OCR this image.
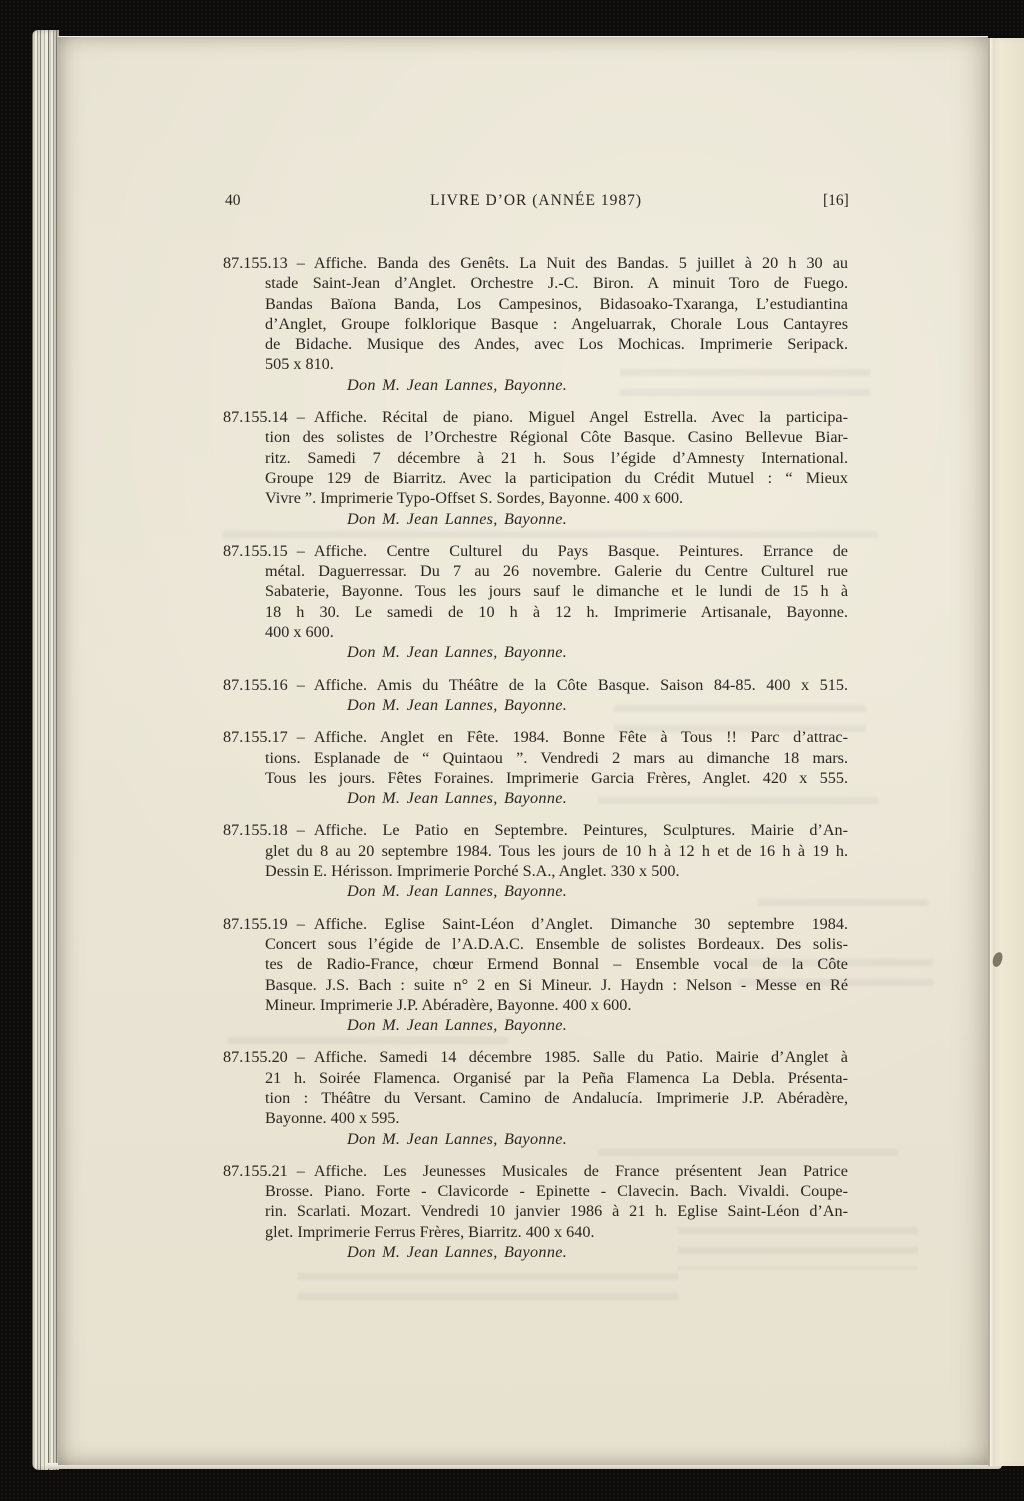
40	LIVRE D’OR (ANNÉE 1987)	[16]
87.155.13 – Affiche. Banda des Genêts. La Nuit des Bandas. 5 juillet à 20 h 30 au
stade Saint-Jean d’Anglet. Orchestre J.-C. Biron. A minuit Toro de Fuego.
Bandas Baïona Banda, Los Campesinos, Bidasoako-Txaranga, L’estudiantina
d’Anglet, Groupe folklorique Basque : Angeluarrak, Chorale Lous Cantayres
de Bidache. Musique des Andes, avec Los Mochicas. Imprimerie Seripack.
505 x 810.
Don M. Jean Lannes, Bayonne.
87.155.14 – Affiche. Récital de piano. Miguel Angel Estrella. Avec la participa-
tion des solistes de l’Orchestre Régional Côte Basque. Casino Bellevue Biar-
ritz. Samedi 7 décembre à 21 h. Sous l’égide d’Amnesty International.
Groupe 129 de Biarritz. Avec la participation du Crédit Mutuel : “ Mieux
Vivre ”. Imprimerie Typo-Offset S. Sordes, Bayonne. 400 x 600.
Don M. Jean Lannes, Bayonne.
87.155.15 – Affiche. Centre Culturel du Pays Basque. Peintures. Errance de
métal. Daguerressar. Du 7 au 26 novembre. Galerie du Centre Culturel rue
Sabaterie, Bayonne. Tous les jours sauf le dimanche et le lundi de 15 h à
18 h 30. Le samedi de 10 h à 12 h. Imprimerie Artisanale, Bayonne.
400 x 600.
Don M. Jean Lannes, Bayonne.
87.155.16 – Affiche. Amis du Théâtre de la Côte Basque. Saison 84-85. 400 x 515.
Don M. Jean Lannes, Bayonne.
87.155.17 – Affiche. Anglet en Fête. 1984. Bonne Fête à Tous !! Parc d’attrac-
tions. Esplanade de “ Quintaou ”. Vendredi 2 mars au dimanche 18 mars.
Tous les jours. Fêtes Foraines. Imprimerie Garcia Frères, Anglet. 420 x 555.
Don M. Jean Lannes, Bayonne.
87.155.18 – Affiche. Le Patio en Septembre. Peintures, Sculptures. Mairie d’An-
glet du 8 au 20 septembre 1984. Tous les jours de 10 h à 12 h et de 16 h à 19 h.
Dessin E. Hérisson. Imprimerie Porché S.A., Anglet. 330 x 500.
Don M. Jean Lannes, Bayonne.
87.155.19 – Affiche. Eglise Saint-Léon d’Anglet. Dimanche 30 septembre 1984.
Concert sous l’égide de l’A.D.A.C. Ensemble de solistes Bordeaux. Des solis-
tes de Radio-France, chœur Ermend Bonnal – Ensemble vocal de la Côte
Basque. J.S. Bach : suite n° 2 en Si Mineur. J. Haydn : Nelson - Messe en Ré
Mineur. Imprimerie J.P. Abéradère, Bayonne. 400 x 600.
Don M. Jean Lannes, Bayonne.
87.155.20 – Affiche. Samedi 14 décembre 1985. Salle du Patio. Mairie d’Anglet à
21 h. Soirée Flamenca. Organisé par la Peña Flamenca La Debla. Présenta-
tion : Théâtre du Versant. Camino de Andalucía. Imprimerie J.P. Abéradère,
Bayonne. 400 x 595.
Don M. Jean Lannes, Bayonne.
87.155.21 – Affiche. Les Jeunesses Musicales de France présentent Jean Patrice
Brosse. Piano. Forte - Clavicorde - Epinette - Clavecin. Bach. Vivaldi. Coupe-
rin. Scarlati. Mozart. Vendredi 10 janvier 1986 à 21 h. Eglise Saint-Léon d’An-
glet. Imprimerie Ferrus Frères, Biarritz. 400 x 640.
Don M. Jean Lannes, Bayonne.
